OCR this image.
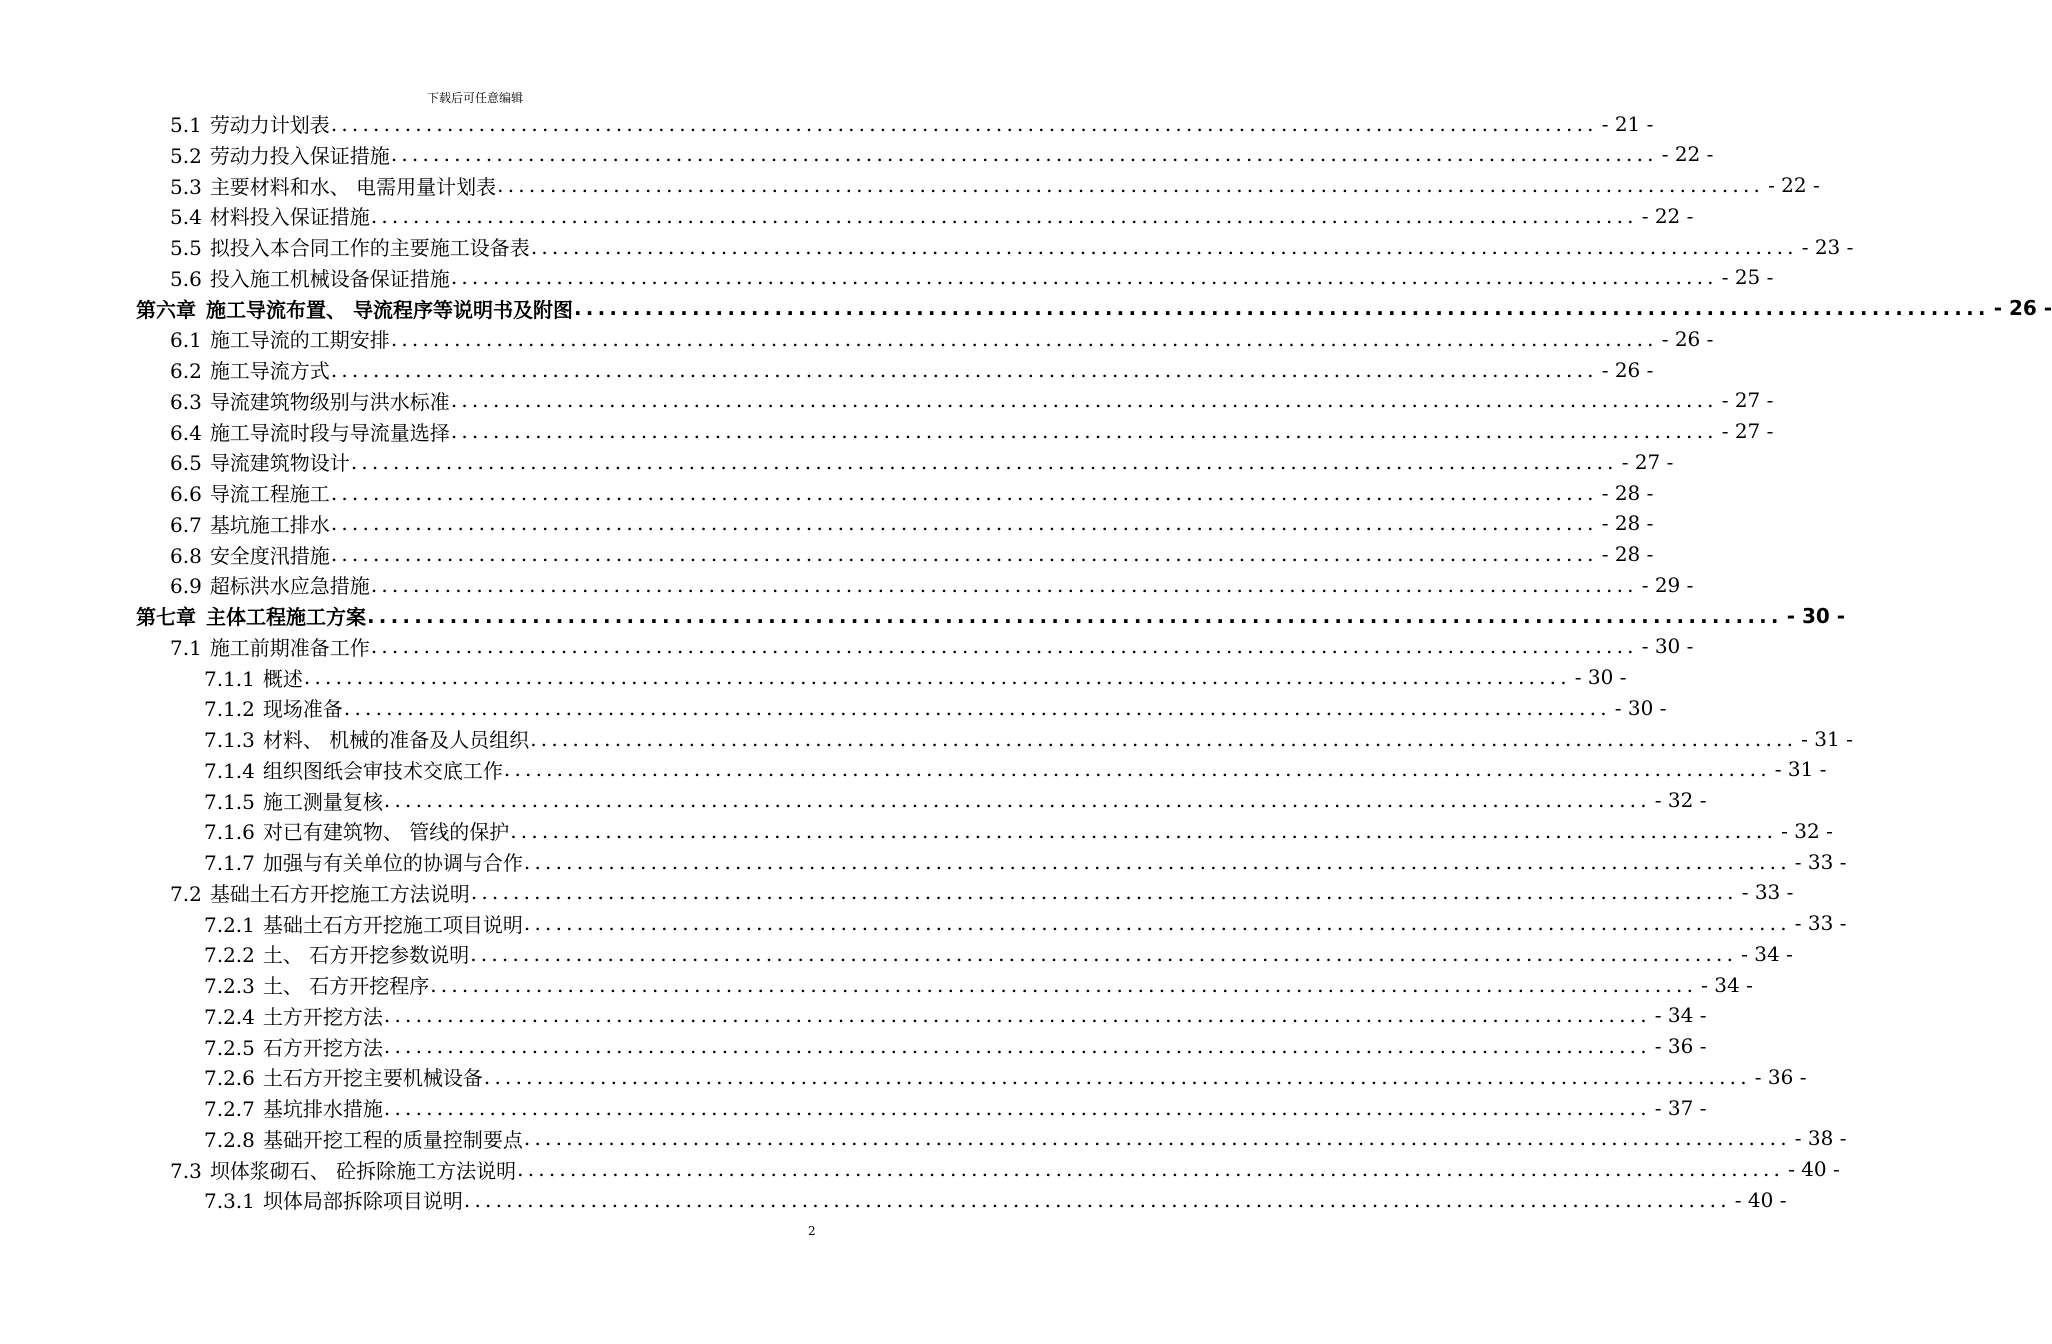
下载后可任意编辑
5.1 劳动力计划表 ........................................................................................................................ - 21 -
5.2 劳动力投入保证措施 ........................................................................................................................ - 22 -
5.3 主要材料和水、 电需用量计划表 ........................................................................................................................ - 22 -
5.4 材料投入保证措施 ........................................................................................................................ - 22 -
5.5 拟投入本合同工作的主要施工设备表 ........................................................................................................................ - 23 -
5.6 投入施工机械设备保证措施 ........................................................................................................................ - 25 -
第六章 施工导流布置、 导流程序等说明书及附图 ........................................................................................................................ - 26 -
6.1 施工导流的工期安排 ........................................................................................................................ - 26 -
6.2 施工导流方式 ........................................................................................................................ - 26 -
6.3 导流建筑物级别与洪水标准 ........................................................................................................................ - 27 -
6.4 施工导流时段与导流量选择 ........................................................................................................................ - 27 -
6.5 导流建筑物设计 ........................................................................................................................ - 27 -
6.6 导流工程施工 ........................................................................................................................ - 28 -
6.7 基坑施工排水 ........................................................................................................................ - 28 -
6.8 安全度汛措施 ........................................................................................................................ - 28 -
6.9 超标洪水应急措施 ........................................................................................................................ - 29 -
第七章 主体工程施工方案 ........................................................................................................................ - 30 -
7.1 施工前期准备工作 ........................................................................................................................ - 30 -
7.1.1 概述 ........................................................................................................................ - 30 -
7.1.2 现场准备 ........................................................................................................................ - 30 -
7.1.3 材料、 机械的准备及人员组织 ........................................................................................................................ - 31 -
7.1.4 组织图纸会审技术交底工作 ........................................................................................................................ - 31 -
7.1.5 施工测量复核 ........................................................................................................................ - 32 -
7.1.6 对已有建筑物、 管线的保护 ........................................................................................................................ - 32 -
7.1.7 加强与有关单位的协调与合作 ........................................................................................................................ - 33 -
7.2 基础土石方开挖施工方法说明 ........................................................................................................................ - 33 -
7.2.1 基础土石方开挖施工项目说明 ........................................................................................................................ - 33 -
7.2.2 土、 石方开挖参数说明 ........................................................................................................................ - 34 -
7.2.3 土、 石方开挖程序 ........................................................................................................................ - 34 -
7.2.4 土方开挖方法 ........................................................................................................................ - 34 -
7.2.5 石方开挖方法 ........................................................................................................................ - 36 -
7.2.6 土石方开挖主要机械设备 ........................................................................................................................ - 36 -
7.2.7 基坑排水措施 ........................................................................................................................ - 37 -
7.2.8 基础开挖工程的质量控制要点 ........................................................................................................................ - 38 -
7.3 坝体浆砌石、 砼拆除施工方法说明 ........................................................................................................................ - 40 -
7.3.1 坝体局部拆除项目说明 ........................................................................................................................ - 40 -
2
